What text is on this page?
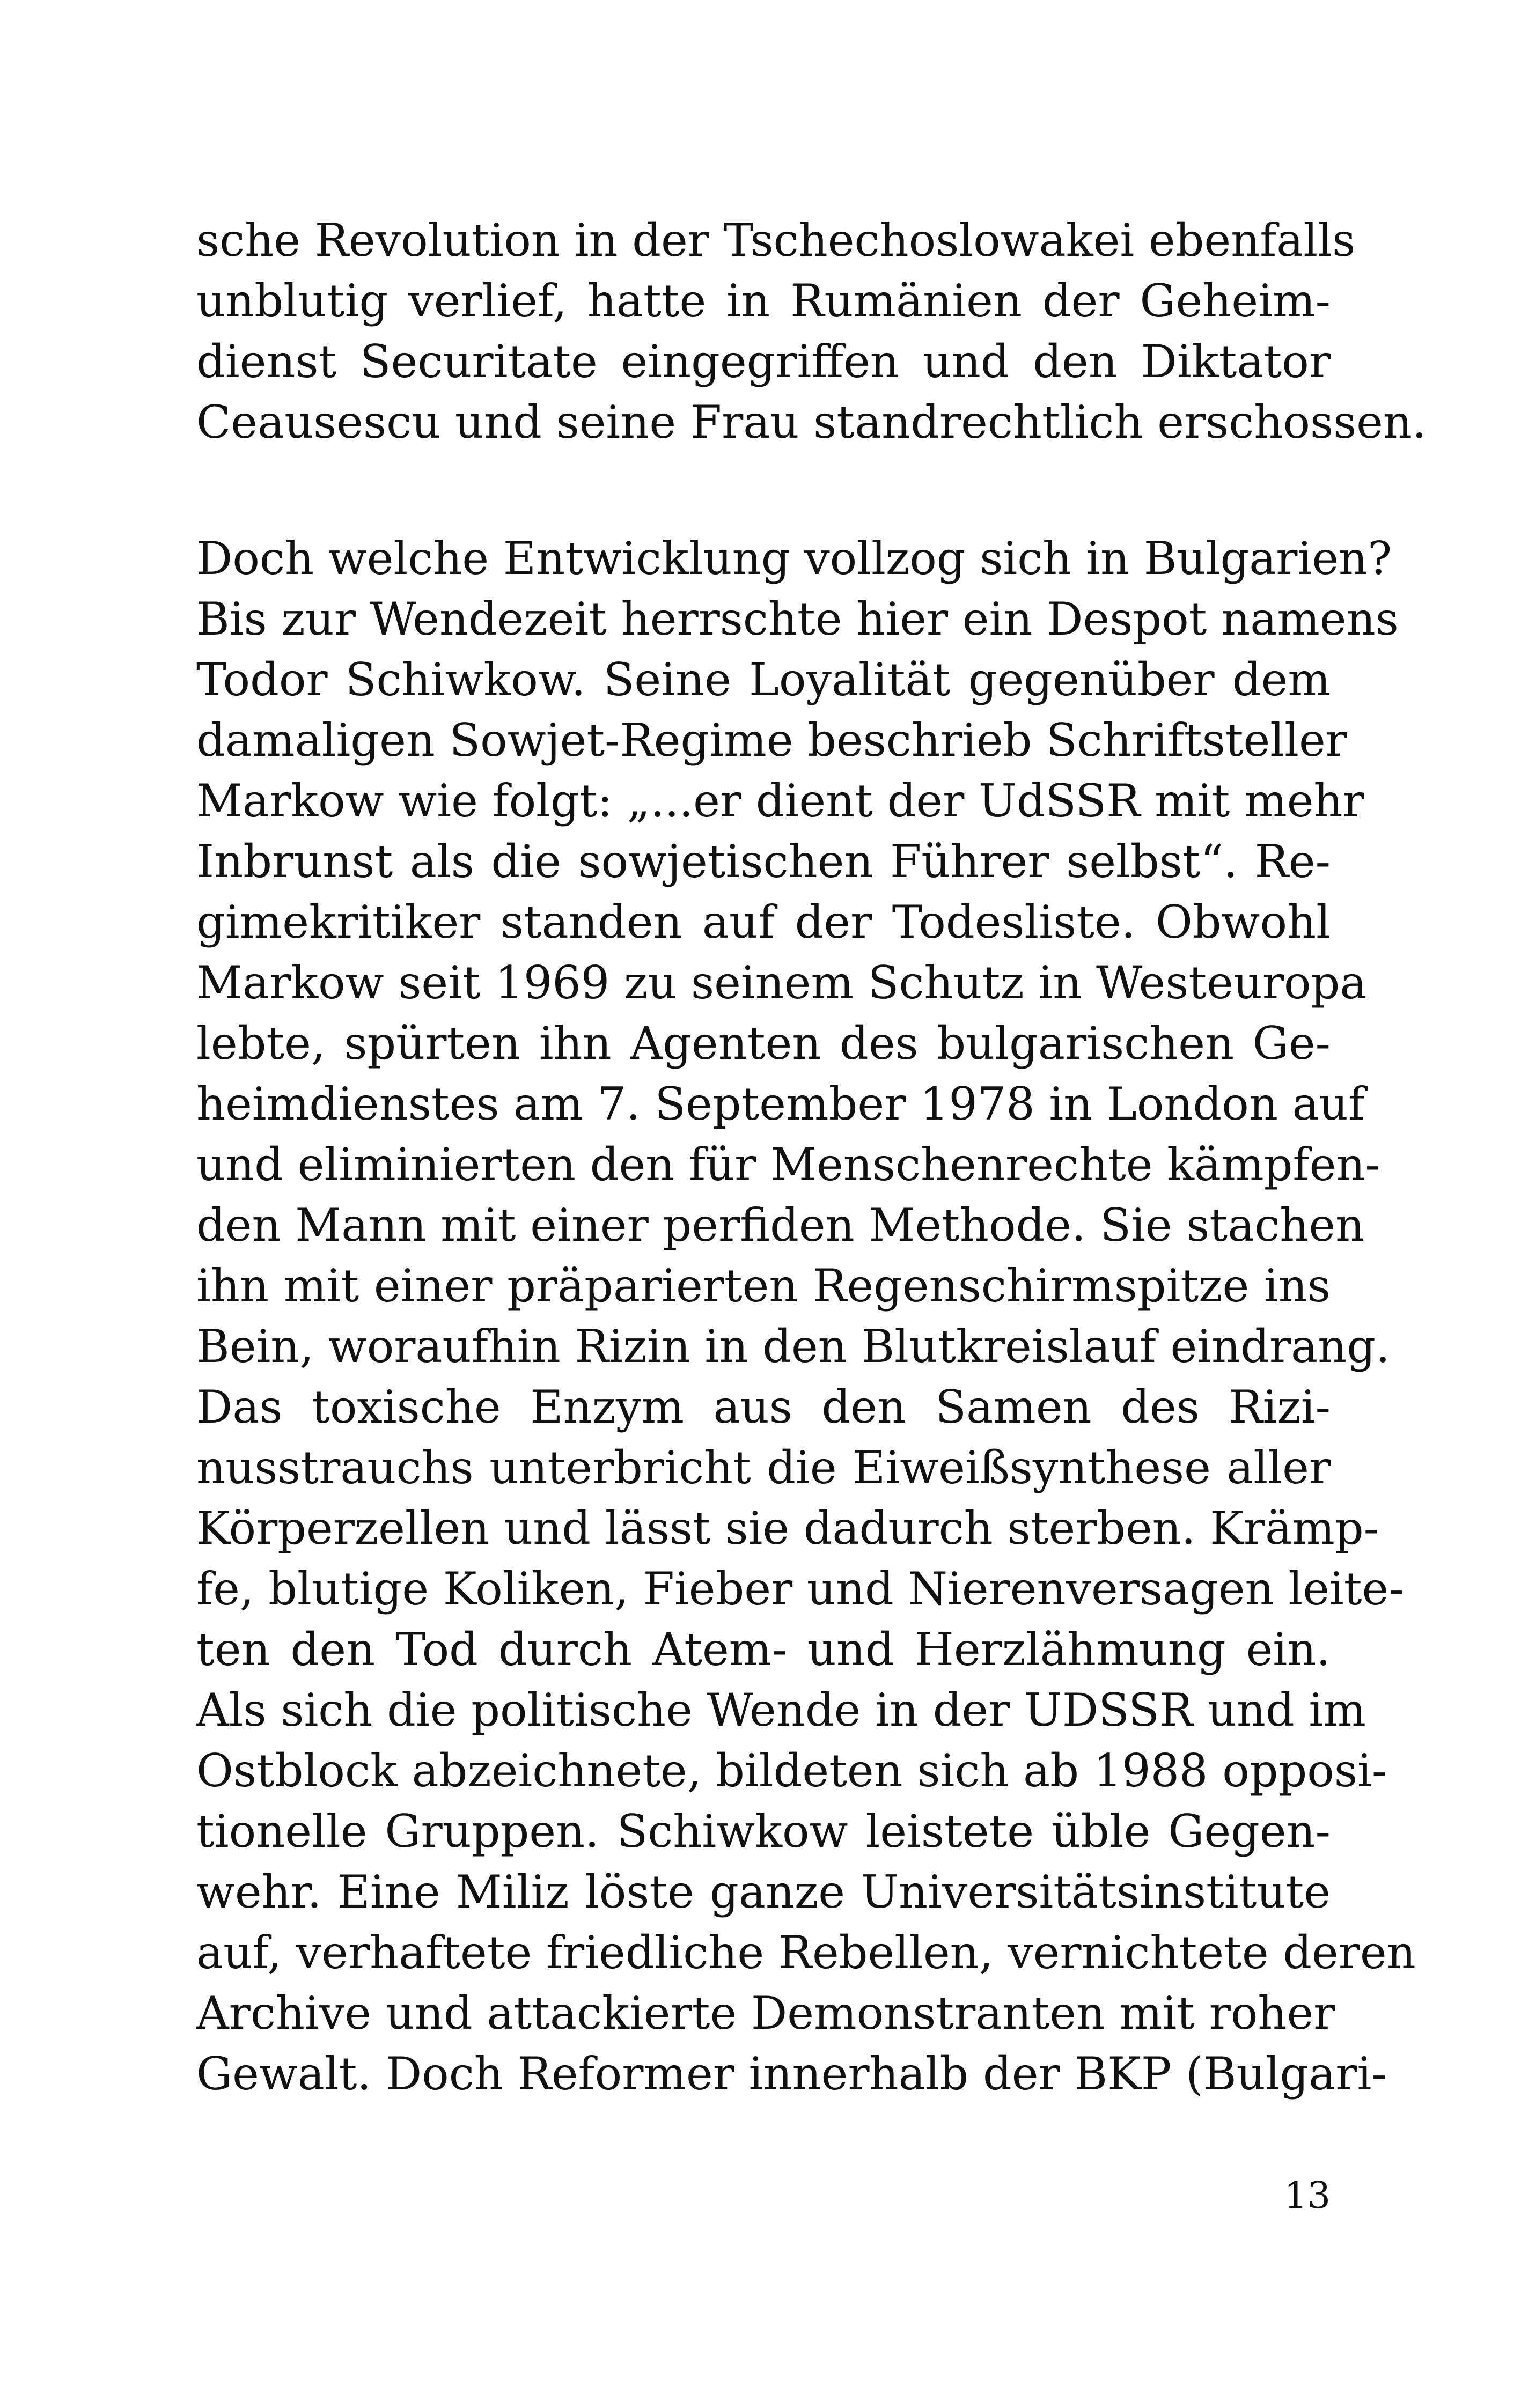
sche Revolution in der Tschechoslowakei ebenfalls
unblutig verlief, hatte in Rumänien der Geheim-
dienst Securitate eingegriffen und den Diktator
Ceausescu und seine Frau standrechtlich erschossen.
Doch welche Entwicklung vollzog sich in Bulgarien?
Bis zur Wendezeit herrschte hier ein Despot namens
Todor Schiwkow. Seine Loyalität gegenüber dem
damaligen Sowjet-Regime beschrieb Schriftsteller
Markow wie folgt: „...er dient der UdSSR mit mehr
Inbrunst als die sowjetischen Führer selbst“. Re-
gimekritiker standen auf der Todesliste. Obwohl
Markow seit 1969 zu seinem Schutz in Westeuropa
lebte, spürten ihn Agenten des bulgarischen Ge-
heimdienstes am 7. September 1978 in London auf
und eliminierten den für Menschenrechte kämpfen-
den Mann mit einer perfiden Methode. Sie stachen
ihn mit einer präparierten Regenschirmspitze ins
Bein, woraufhin Rizin in den Blutkreislauf eindrang.
Das toxische Enzym aus den Samen des Rizi-
nusstrauchs unterbricht die Eiweißsynthese aller
Körperzellen und lässt sie dadurch sterben. Krämp-
fe, blutige Koliken, Fieber und Nierenversagen leite-
ten den Tod durch Atem- und Herzlähmung ein.
Als sich die politische Wende in der UDSSR und im
Ostblock abzeichnete, bildeten sich ab 1988 opposi-
tionelle Gruppen. Schiwkow leistete üble Gegen-
wehr. Eine Miliz löste ganze Universitätsinstitute
auf, verhaftete friedliche Rebellen, vernichtete deren
Archive und attackierte Demonstranten mit roher
Gewalt. Doch Reformer innerhalb der BKP (Bulgari-
13
